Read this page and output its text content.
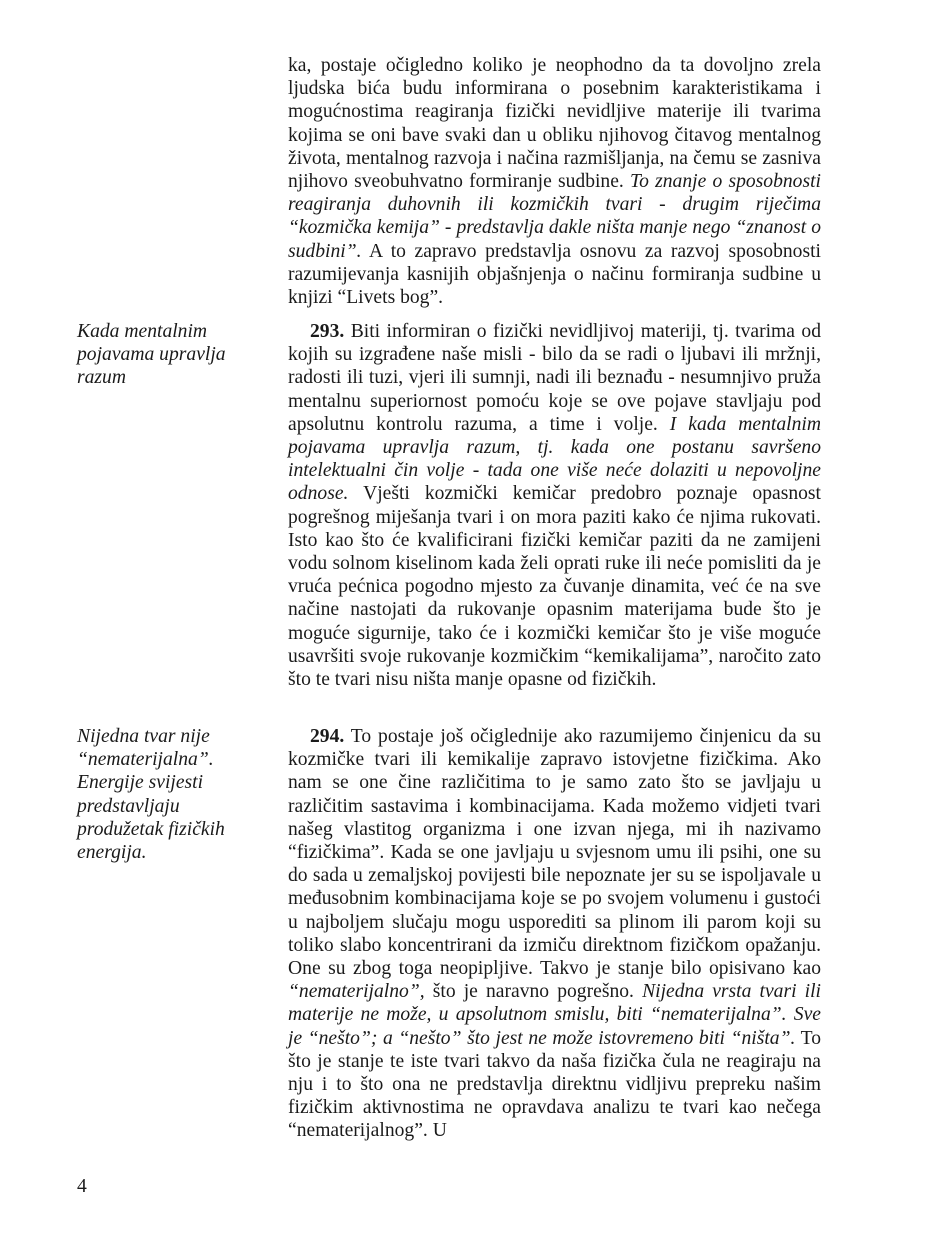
ka, postaje očigledno koliko je neophodno da ta dovoljno zrela ljudska bića budu informirana o posebnim karakteristikama i mogućnostima reagiranja fizički nevidljive materije ili tvarima kojima se oni bave svaki dan u obliku njihovog čitavog mentalnog života, mentalnog razvoja i načina razmišljanja, na čemu se zasniva njihovo sveobuhvatno formiranje sudbine. To znanje o sposobnosti reagiranja duhovnih ili kozmičkih tvari - drugim riječima “kozmička kemija” - predstavlja dakle ništa manje nego “znanost o sudbini”. A to zapravo predstavlja osnovu za razvoj sposobnosti razumijevanja kasnijih objašnjenja o načinu formiranja sudbine u knjizi “Livets bog”.

Kada mentalnim pojavama upravlja razum

293. Biti informiran o fizički nevidljivoj materiji, tj. tvarima od kojih su izgrađene naše misli - bilo da se radi o ljubavi ili mržnji, radosti ili tuzi, vjeri ili sumnji, nadi ili beznađu - nesumnjivo pruža mentalnu superiornost pomoću koje se ove pojave stavljaju pod apsolutnu kontrolu razuma, a time i volje. I kada mentalnim pojavama upravlja razum, tj. kada one postanu savršeno intelektualni čin volje - tada one više neće dolaziti u nepovoljne odnose. Vješti kozmički kemičar predobro poznaje opasnost pogrešnog miješanja tvari i on mora paziti kako će njima rukovati. Isto kao što će kvalificirani fizički kemičar paziti da ne zamijeni vodu solnom kiselinom kada želi oprati ruke ili neće pomisliti da je vruća pećnica pogodno mjesto za čuvanje dinamita, već će na sve načine nastojati da rukovanje opasnim materijama bude što je moguće sigurnije, tako će i kozmički kemičar što je više moguće usavršiti svoje rukovanje kozmičkim “kemikalijama”, naročito zato što te tvari nisu ništa manje opasne od fizičkih.

Nijedna tvar nije “nematerijalna”. Energije svijesti predstavljaju produžetak fizičkih energija.

294. To postaje još očiglednije ako razumijemo činjenicu da su kozmičke tvari ili kemikalije zapravo istovjetne fizičkima. Ako nam se one čine različitima to je samo zato što se javljaju u različitim sastavima i kombinacijama. Kada možemo vidjeti tvari našeg vlastitog organizma i one izvan njega, mi ih nazivamo “fizičkima”. Kada se one javljaju u svjesnom umu ili psihi, one su do sada u zemaljskoj povijesti bile nepoznate jer su se ispoljavale u međusobnim kombinacijama koje se po svojem volumenu i gustoći u najboljem slučaju mogu usporediti sa plinom ili parom koji su toliko slabo koncentrirani da izmiču direktnom fizičkom opažanju. One su zbog toga neopipljive. Takvo je stanje bilo opisivano kao “nematerijalno”, što je naravno pogrešno. Nijedna vrsta tvari ili materije ne može, u apsolutnom smislu, biti “nematerijalna”. Sve je “nešto”; a “nešto” što jest ne može istovremeno biti “ništa”. To što je stanje te iste tvari takvo da naša fizička čula ne reagiraju na nju i to što ona ne predstavlja direktnu vidljivu prepreku našim fizičkim aktivnostima ne opravdava analizu te tvari kao nečega “nematerijalnog”. U

4
